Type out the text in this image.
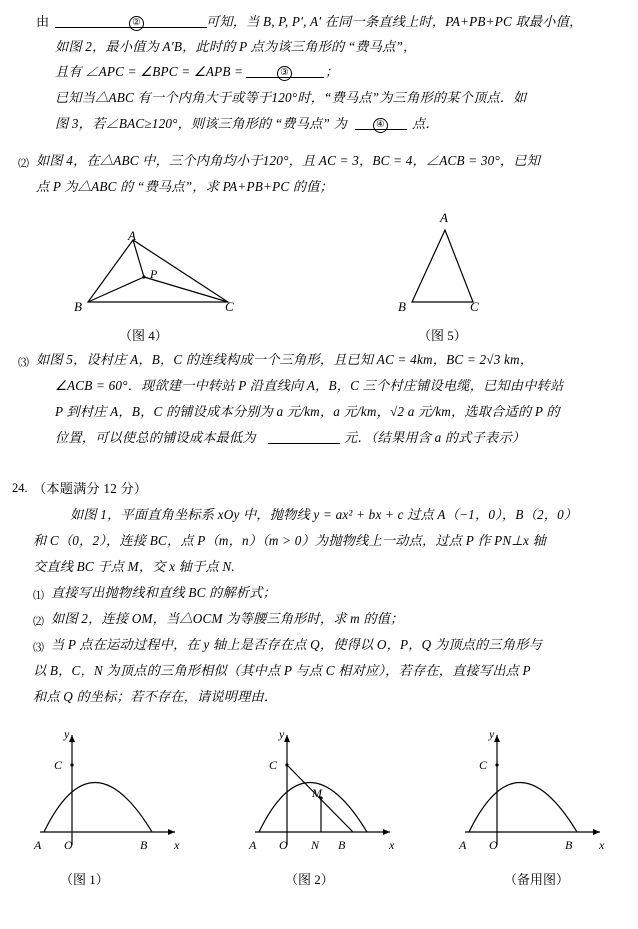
由	②	可知，当 B, P, P′, A′ 在同一条直线上时，PA+PB+PC 取最小值，
如图 2，最小值为 A′B，此时的 P 点为该三角形的 “费马点”，
且有 ∠APC = ∠BPC = ∠APB =	③	；
已知当△ABC 有一个内角大于或等于120°时，“费马点”为三角形的某个顶点．如
图 3，若∠BAC≥120°，则该三角形的 “费马点” 为	④ 点．
⑵ 如图 4，在△ABC 中，三个内角均小于120°，且 AC = 3，BC = 4，∠ACB = 30°，已知
点 P 为△ABC 的 “费马点”，求 PA+PB+PC 的值；
A
B	C
P
（图 4）
A
B	C
（图 5）
⑶ 如图 5，设村庄 A，B，C 的连线构成一个三角形，且已知 AC = 4km，BC = 2√3 km，
∠ACB = 60°．现欲建一中转站 P 沿直线向 A，B，C 三个村庄铺设电缆，已知由中转站
P 到村庄 A，B，C 的铺设成本分别为 a 元/km，a 元/km，√2 a 元/km，选取合适的 P 的
位置，可以使总的铺设成本最低为	元．（结果用含 a 的式子表示）
24. （本题满分 12 分）
如图 1，平面直角坐标系 xOy 中，抛物线 y = ax² + bx + c 过点 A（−1，0），B（2，0）
和 C（0，2），连接 BC，点 P（m，n）（m > 0）为抛物线上一动点，过点 P 作 PN⊥x 轴
交直线 BC 于点 M，交 x 轴于点 N.
⑴ 直接写出抛物线和直线 BC 的解析式；
⑵ 如图 2，连接 OM，当△OCM 为等腰三角形时，求 m 的值；
⑶ 当 P 点在运动过程中，在 y 轴上是否存在点 Q，使得以 O，P，Q 为顶点的三角形与
以 B，C，N 为顶点的三角形相似（其中点 P 与点 C 相对应），若存在，直接写出点 P
和点 Q 的坐标；若不存在，请说明理由．
y
x
O
A	B
C
（图 1）
y
x
O
A	N B
C
M
（图 2）
y
x
O
A	B
C
（备用图）
